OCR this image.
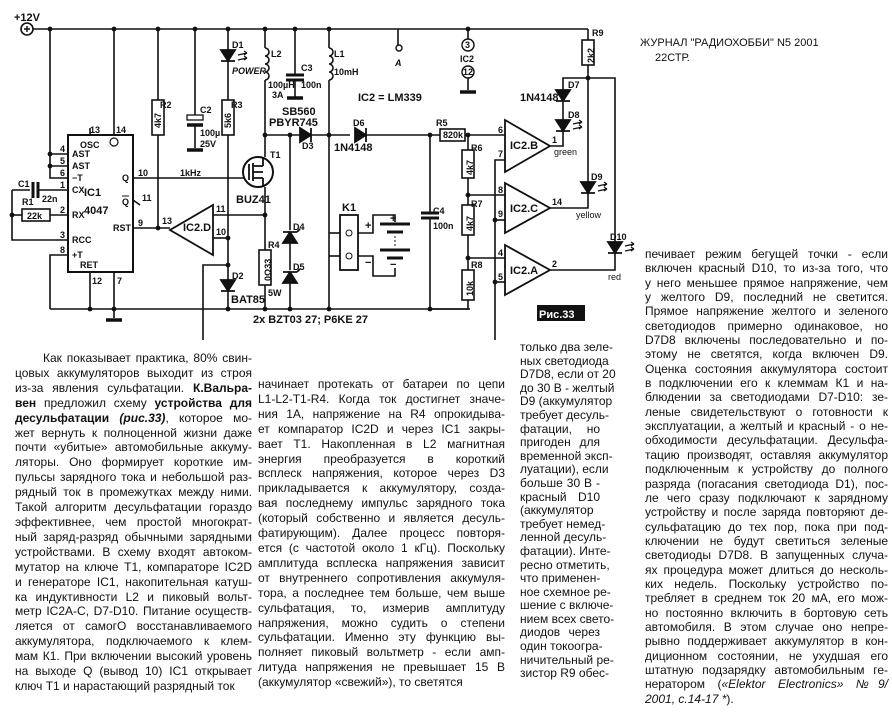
+12V
C1
22n
R1
22k
IC1
4047
OSC
AST
AST
−T
CX
RX
RCC
+T
RET
Q
Q
RST
13 14
4
5
6
1
2
3
8
12 7
10
11
9
1kHz
R2
4k7
C2
100µ
25V
D1
POWER
R3
5k6
L2
100µH
3A
C3
100n
T1
BUZ41
SB560
PBYR745
D3
IC2.D
13
11
10
R4
0Ω33
5W
D2
BAT85
D4
D5
2x BZT03 27; P6KE 27
L1
10mH
D6
1N4148
A	IC2
3
12
IC2 = LM339
R5
820k
K1
+
−
+
−
C4
100n
R6
4k7
R7
4k7
R8
10k
IC2.B
6
7
1
IC2.C
8
9
14
IC2.A
4
5
2
R9
2k2
D7
1N4148
D8
green
D9
yellow
D10
red
Рис.33
ЖУРНАЛ "РАДИОХОББИ" N5 2001
22СТР.
Как показывает практика, 80% свин-
цовых аккумуляторов выходит из строя
из-за явления сульфатации. К.Вальра-
вен предложил схему устройства для
десульфатации (рис.33), которое мо-
жет вернуть к полноценной жизни даже
почти «убитые» автомобильные аккуму-
ляторы. Оно формирует короткие им-
пульсы зарядного тока и небольшой раз-
рядный ток в промежутках между ними.
Такой алгоритм десульфатации гораздо
эффективнее, чем простой многократ-
ный заряд-разряд обычными зарядными
устройствами. В схему входят автоком-
мутатор на ключе Т1, компараторе IC2D
и генераторе IC1, накопительная катуш-
ка индуктивности L2 и пиковый вольт-
метр IC2A-C, D7-D10. Питание осуществ-
ляется от самогО восстанавливаемого
аккумулятора, подключаемого к клем-
мам К1. При включении высокий уровень
на выходе Q (вывод 10) IC1 открывает
ключ Т1 и нарастающий разрядный ток
начинает протекать от батареи по цепи
L1-L2-T1-R4. Когда ток достигнет значе-
ния 1А, напряжение на R4 опрокидыва-
ет компаратор IC2D и через IC1 закры-
вает Т1. Накопленная в L2 магнитная
энергия преобразуется в короткий
всплеск напряжения, которое через D3
прикладывается к аккумулятору, созда-
вая последнему импульс зарядного тока
(который собственно и является десуль-
фатирующим). Далее процесс повторя-
ется (с частотой около 1 кГц). Поскольку
амплитуда всплеска напряжения зависит
от внутреннего сопротивления аккумуля-
тора, а последнее тем больше, чем выше
сульфатация, то, измерив амплитуду
напряжения, можно судить о степени
сульфатации. Именно эту функцию вы-
полняет пиковый вольтметр - если амп-
литуда напряжения не превышает 15 В
(аккумулятор «свежий»), то светятся
только два зеле-
ных светодиода
D7D8, если от 20
до 30 В - желтый
D9 (аккумулятор
требует десуль-
фатации, но
пригоден для
временной эксп-
луатации), если
больше 30 В -
красный D10
(аккумулятор
требует немед-
ленной десуль-
фатации). Инте-
ресно отметить,
что применен-
ное схемное ре-
шение с включе-
нием всех свето-
диодов через
один токоогра-
ничительный ре-
зистор R9 обес-
печивает режим бегущей точки - если
включен красный D10, то из-за того, что
у него меньшее прямое напряжение, чем
у желтого D9, последний не светится.
Прямое напряжение желтого и зеленого
светодиодов примерно одинаковое, но
D7D8 включены последовательно и по-
этому не светятся, когда включен D9.
Оценка состояния аккумулятора состоит
в подключении его к клеммам К1 и на-
блюдении за светодиодами D7-D10: зе-
леные свидетельствуют о готовности к
эксплуатации, а желтый и красный - о не-
обходимости десульфатации. Десульфа-
тацию производят, оставляя аккумулятор
подключенным к устройству до полного
разряда (погасания светодиода D1), пос-
ле чего сразу подключают к зарядному
устройству и после заряда повторяют де-
сульфатацию до тех пор, пока при под-
ключении не будут светиться зеленые
светодиоды D7D8. В запущенных случа-
ях процедура может длиться до несколь-
ких недель. Поскольку устройство по-
требляет в среднем ток 20 мА, его мож-
но постоянно включить в бортовую сеть
автомобиля. В этом случае оно непре-
рывно поддерживает аккумулятор в кон-
диционном состоянии, не ухудшая его
штатную подзарядку автомобильным ге-
нератором («Elektor Electronics» №9/
2001, с.14-17 *).
